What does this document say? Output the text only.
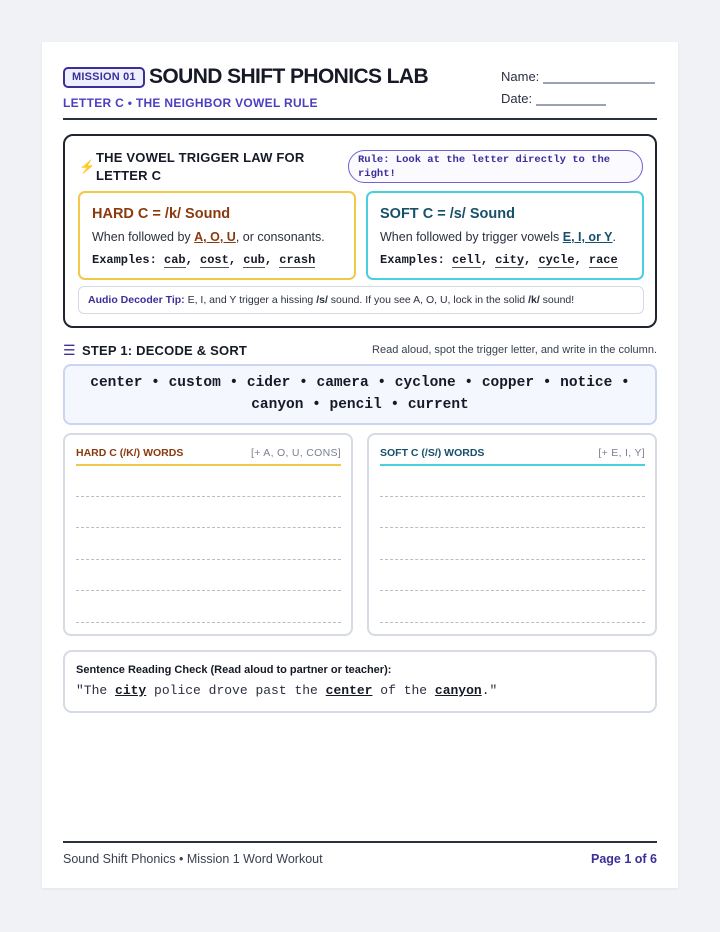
MISSION 01 SOUND SHIFT PHONICS LAB
LETTER C • THE NEIGHBOR VOWEL RULE
Name:
Date:
⚡
THE VOWEL TRIGGER LAW FOR LETTER C
Rule: Look at the letter directly to the right!
HARD C = /k/ Sound
When followed by A, O, U, or consonants.
Examples: cab, cost, cub, crash
SOFT C = /s/ Sound
When followed by trigger vowels E, I, or Y.
Examples: cell, city, cycle, race
Audio Decoder Tip: E, I, and Y trigger a hissing /s/ sound. If you see A, O, U, lock in the solid /k/ sound!
☰ STEP 1: DECODE & SORT	Read aloud, spot the trigger letter, and write in the column.
center • custom • cider • camera • cyclone • copper • notice •
canyon • pencil • current
HARD C (/K/) WORDS	[+ A, O, U, CONS]	SOFT C (/S/) WORDS	[+ E, I, Y]
Sentence Reading Check (Read aloud to partner or teacher):
"The city police drove past the center of the canyon."
Sound Shift Phonics • Mission 1 Word Workout	Page 1 of 6
